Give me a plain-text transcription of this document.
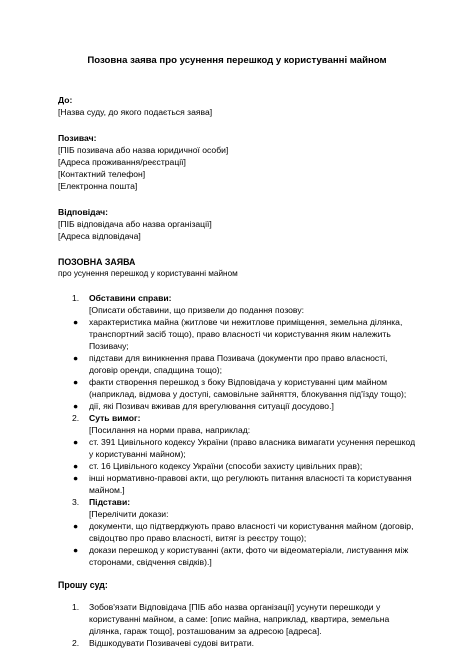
Позовна заява про усунення перешкод у користуванні майном
До:
[Назва суду, до якого подається заява]
Позивач:
[ПІБ позивача або назва юридичної особи]
[Адреса проживання/реєстрації]
[Контактний телефон]
[Електронна пошта]
Відповідач:
[ПІБ відповідача або назва організації]
[Адреса відповідача]
ПОЗОВНА ЗАЯВА
про усунення перешкод у користуванні майном
1. Обставини справи:
[Описати обставини, що призвели до подання позову:
● характеристика майна (житлове чи нежитлове приміщення, земельна ділянка, транспортний засіб тощо), право власності чи користування яким належить Позивачу;
● підстави для виникнення права Позивача (документи про право власності, договір оренди, спадщина тощо);
● факти створення перешкод з боку Відповідача у користуванні цим майном (наприклад, відмова у доступі, самовільне зайняття, блокування під'їзду тощо);
● дії, які Позивач вживав для врегулювання ситуації досудово.]
2. Суть вимог:
[Посилання на норми права, наприклад:
● ст. 391 Цивільного кодексу України (право власника вимагати усунення перешкод у користуванні майном);
● ст. 16 Цивільного кодексу України (способи захисту цивільних прав);
● інші нормативно-правові акти, що регулюють питання власності та користування майном.]
3. Підстави:
[Перелічити докази:
● документи, що підтверджують право власності чи користування майном (договір, свідоцтво про право власності, витяг із реєстру тощо);
● докази перешкод у користуванні (акти, фото чи відеоматеріали, листування між сторонами, свідчення свідків).]
Прошу суд:
1. Зобов'язати Відповідача [ПІБ або назва організації] усунути перешкоди у користуванні майном, а саме: [опис майна, наприклад, квартира, земельна ділянка, гараж тощо], розташованим за адресою [адреса].
2. Відшкодувати Позивачеві судові витрати.
